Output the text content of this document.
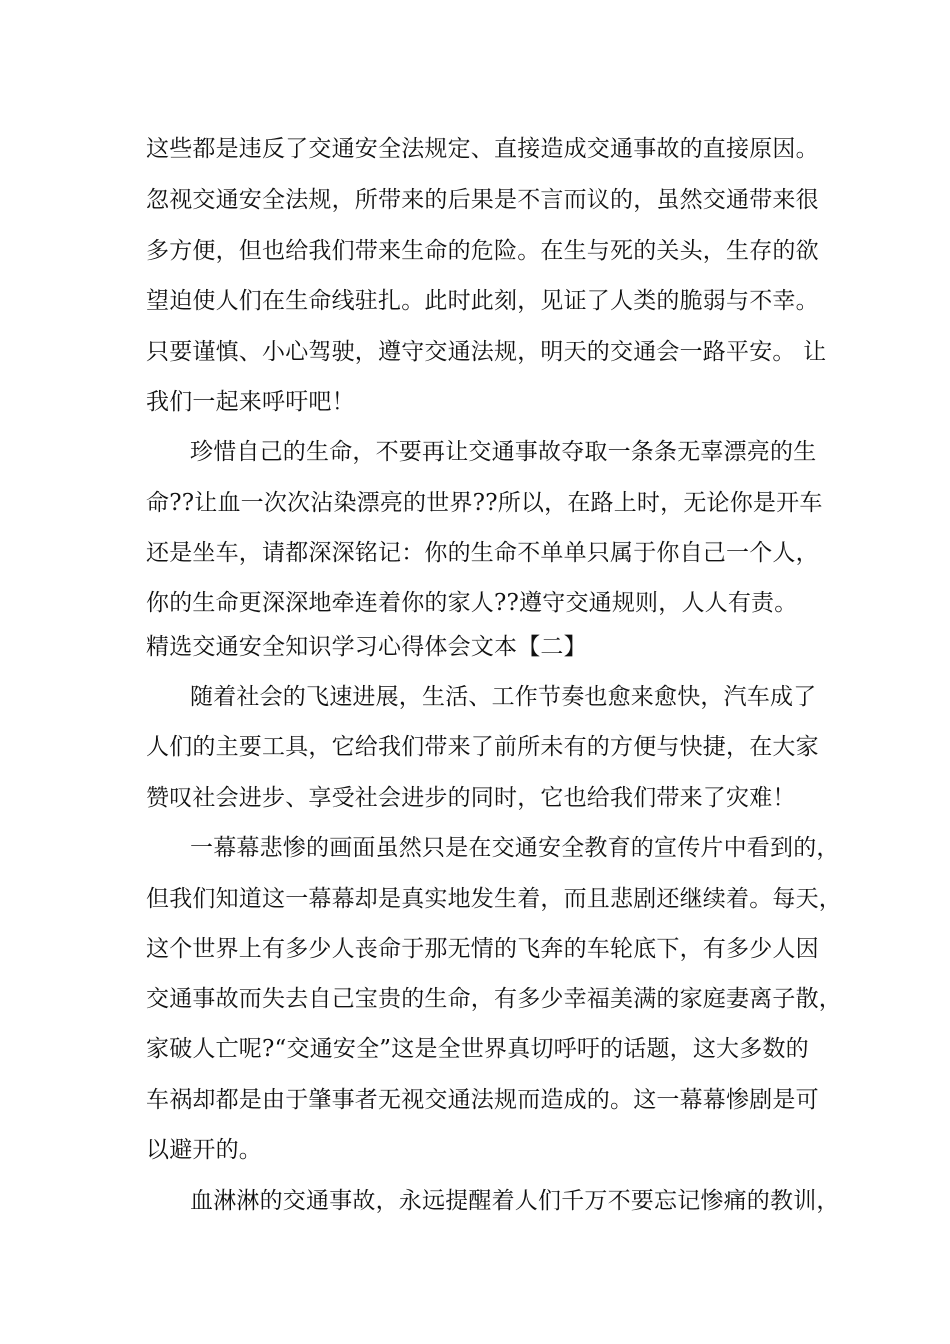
这些都是违反了交通安全法规定、直接造成交通事故的直接原因。
忽视交通安全法规，所带来的后果是不言而议的，虽然交通带来很
多方便，但也给我们带来生命的危险。在生与死的关头，生存的欲
望迫使人们在生命线驻扎。此时此刻，见证了人类的脆弱与不幸。
只要谨慎、小心驾驶，遵守交通法规，明天的交通会一路平安。 让
我们一起来呼吁吧！
珍惜自己的生命，不要再让交通事故夺取一条条无辜漂亮的生
命??让血一次次沾染漂亮的世界??所以，在路上时，无论你是开车
还是坐车，请都深深铭记：你的生命不单单只属于你自己一个人，
你的生命更深深地牵连着你的家人??遵守交通规则，人人有责。
精选交通安全知识学习心得体会文本【二】
随着社会的飞速进展，生活、工作节奏也愈来愈快，汽车成了
人们的主要工具，它给我们带来了前所未有的方便与快捷，在大家
赞叹社会进步、享受社会进步的同时，它也给我们带来了灾难！
一幕幕悲惨的画面虽然只是在交通安全教育的宣传片中看到的，
但我们知道这一幕幕却是真实地发生着，而且悲剧还继续着。每天，
这个世界上有多少人丧命于那无情的飞奔的车轮底下，有多少人因
交通事故而失去自己宝贵的生命，有多少幸福美满的家庭妻离子散，
家破人亡呢?“交通安全”这是全世界真切呼吁的话题，这大多数的
车祸却都是由于肇事者无视交通法规而造成的。这一幕幕惨剧是可
以避开的。
血淋淋的交通事故，永远提醒着人们千万不要忘记惨痛的教训，
